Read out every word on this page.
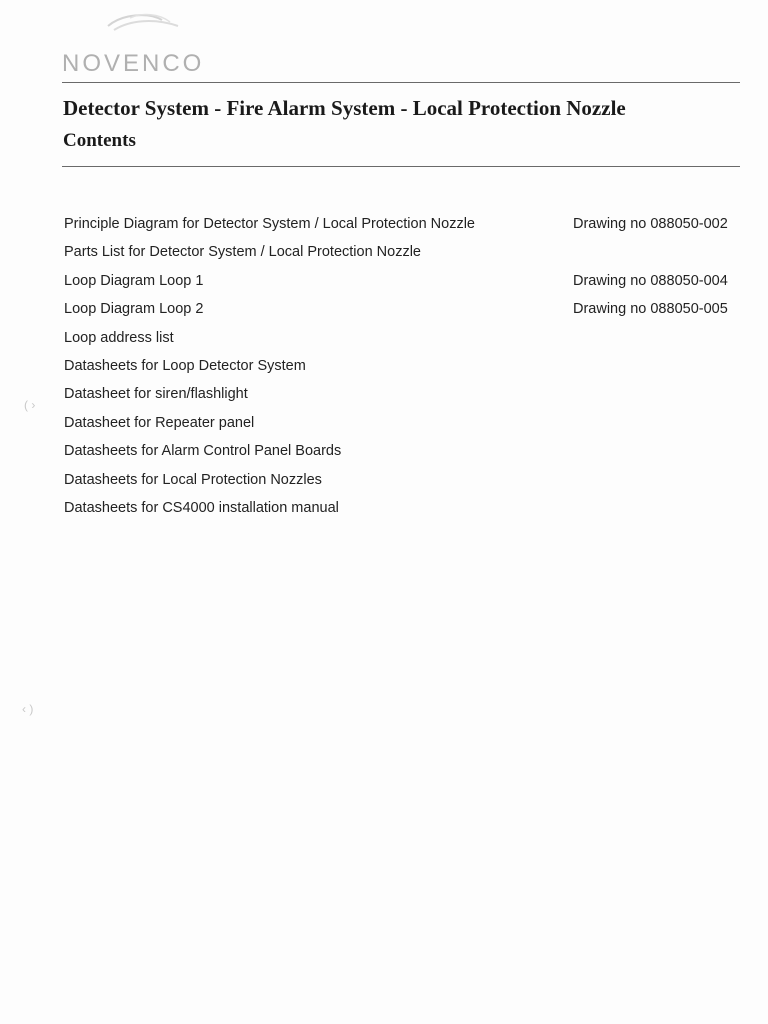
NOVENCO
Detector System - Fire Alarm System - Local Protection Nozzle
Contents
Principle Diagram for Detector System / Local Protection Nozzle	Drawing no 088050-002
Parts List for Detector System / Local Protection Nozzle
Loop Diagram Loop 1	Drawing no 088050-004
Loop Diagram Loop 2	Drawing no 088050-005
Loop address list
Datasheets for Loop Detector System
Datasheet for siren/flashlight
Datasheet for Repeater panel
Datasheets for Alarm Control Panel Boards
Datasheets for Local Protection Nozzles
Datasheets for CS4000 installation manual
( ›
‹ )
